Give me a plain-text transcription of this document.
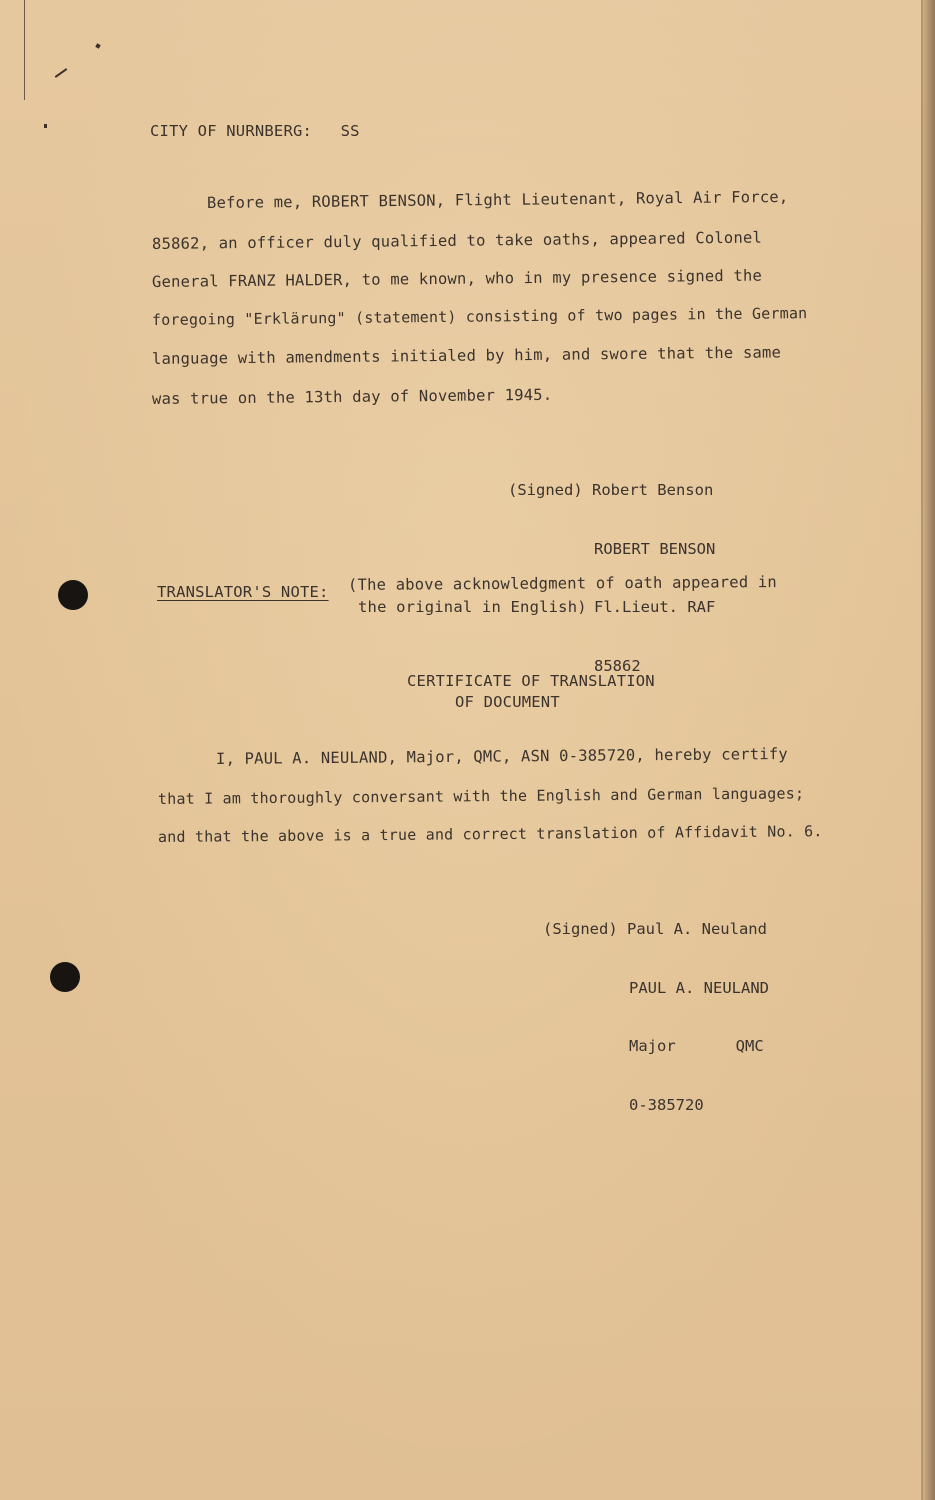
CITY OF NURNBERG:   SS
Before me, ROBERT BENSON, Flight Lieutenant, Royal Air Force,
85862, an officer duly qualified to take oaths, appeared Colonel
General FRANZ HALDER, to me known, who in my presence signed the
foregoing "Erklärung" (statement) consisting of two pages in the German
language with amendments initialed by him, and swore that the same
was true on the 13th day of November 1945.

(Signed) Robert Benson

ROBERT BENSON

Fl.Lieut. RAF

85862

TRANSLATOR'S NOTE: (The above acknowledgment of oath appeared in
the original in English)
CERTIFICATE OF TRANSLATION
OF DOCUMENT
I, PAUL A. NEULAND, Major, QMC, ASN 0-385720, hereby certify
that I am thoroughly conversant with the English and German languages;
and that the above is a true and correct translation of Affidavit No. 6.

(Signed) Paul A. Neuland

PAUL A. NEULAND

Major	QMC

0-385720
